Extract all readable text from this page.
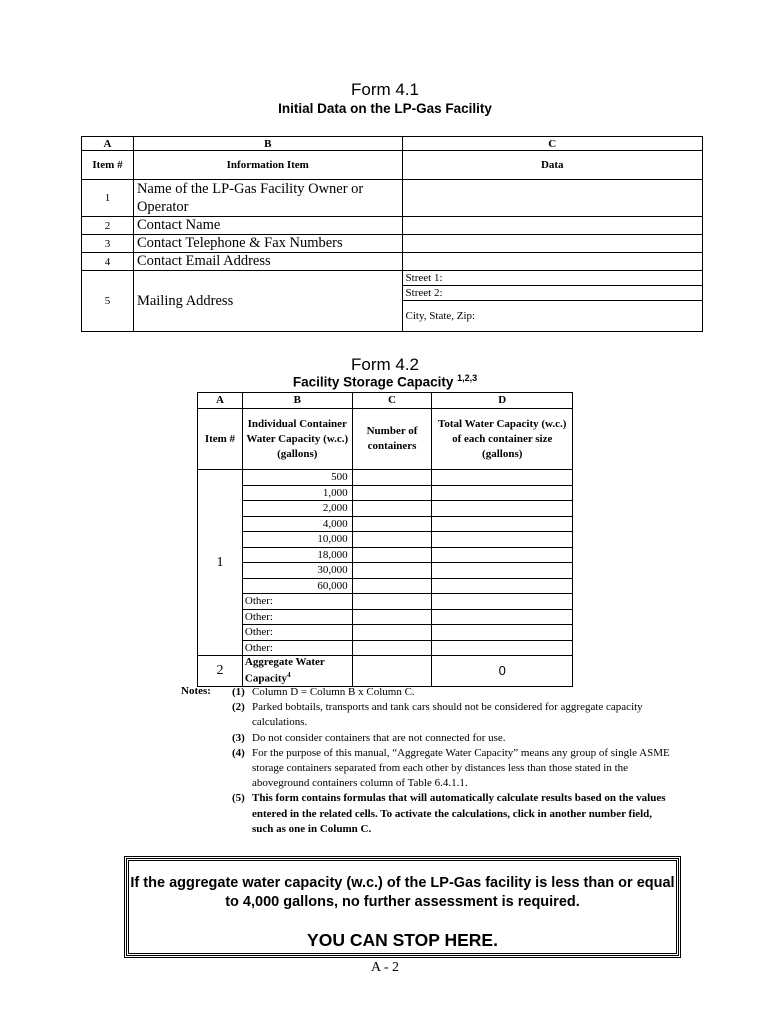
Form 4.1
Initial Data on the LP-Gas Facility
A	B	C
Item #	Information Item	Data
1	Name of the LP-Gas Facility Owner or Operator	
2	Contact Name	
3	Contact Telephone & Fax Numbers	
4	Contact Email Address	
5	Mailing Address	Street 1:
		Street 2:
		City, State, Zip:
Form 4.2
Facility Storage Capacity $^{1,2,3}$
A	B	C	D
Item #	Individual Container Water Capacity (w.c.) (gallons)	Number of containers	Total Water Capacity (w.c.) of each container size (gallons)
1	500		
	1,000		
	2,000		
	4,000		
	10,000		
	18,000		
	30,000		
	60,000		
	Other:		
	Other:		
	Other:		
	Other:		
2	Aggregate Water Capacity$^4$		0
Notes: (1) Column D = Column B x Column C.
(2) Parked bobtails, transports and tank cars should not be considered for aggregate capacity calculations.
(3) Do not consider containers that are not connected for use.
(4) For the purpose of this manual, “Aggregate Water Capacity” means any group of single ASME storage containers separated from each other by distances less than those stated in the aboveground containers column of Table 6.4.1.1.
(5) This form contains formulas that will automatically calculate results based on the values entered in the related cells. To activate the calculations, click in another number field, such as one in Column C.
If the aggregate water capacity (w.c.) of the LP-Gas facility is less than or equal to 4,000 gallons, no further assessment is required.
YOU CAN STOP HERE.
A - 2
